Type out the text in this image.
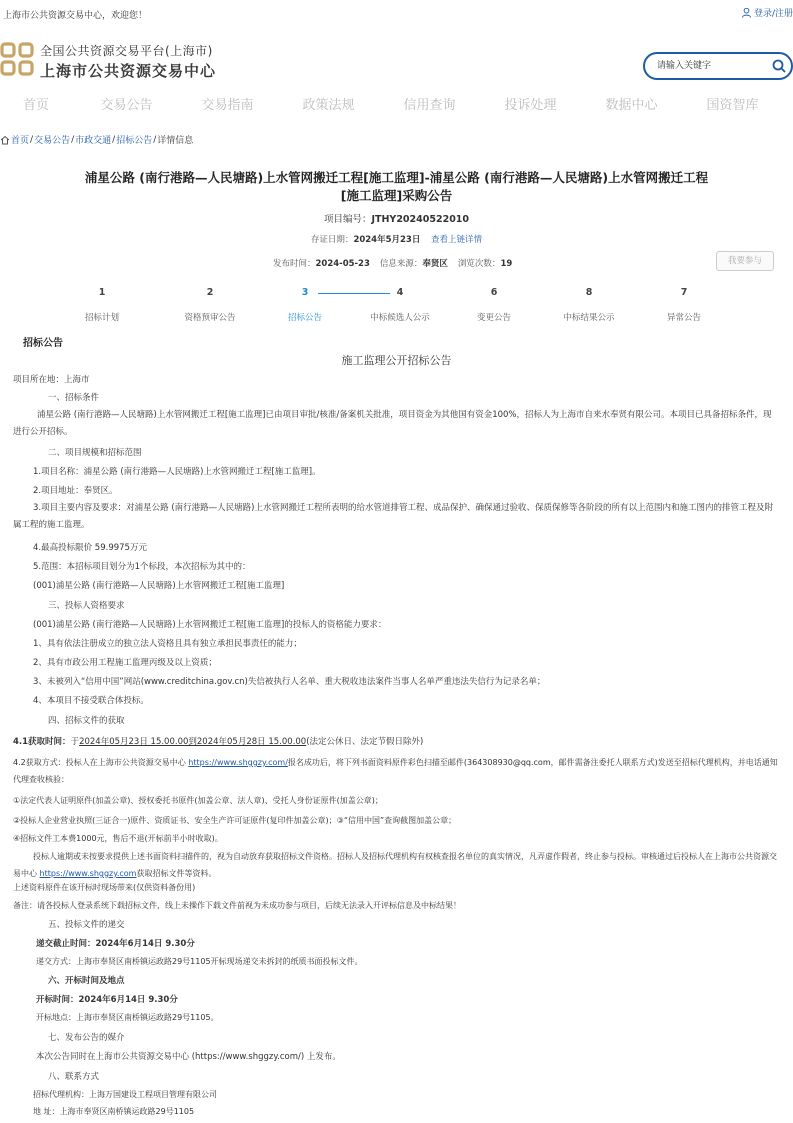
上海市公共资源交易中心，欢迎您！	登录/注册
全国公共资源交易平台(上海市)
上海市公共资源交易中心
请输入关键字
首页	交易公告	交易指南	政策法规	信用查询	投诉处理	数据中心	国资智库
首页 / 交易公告 / 市政交通 / 招标公告 / 详情信息
浦星公路 (南行港路—人民塘路)上水管网搬迁工程[施工监理]-浦星公路 (南行港路—人民塘路)上水管网搬迁工程
[施工监理]采购公告
项目编号：JTHY20240522010
存证日期：2024年5月23日 查看上链详情
发布时间：2024-05-23 信息来源：奉贤区 浏览次数：19	我要参与
1
招标计划
2
资格预审公告
3
招标公告
4
中标候选人公示
6
变更公告
8
中标结果公示
7
异常公告
招标公告
施工监理公开招标公告

项目所在地：上海市

一、招标条件

浦星公路 (南行港路—人民塘路)上水管网搬迁工程[施工监理]已由项目审批/核准/备案机关批准，项目资金为其他国有资金100%，招标人为上海市自来水奉贤有限公司。本项目已具备招标条件，现进行公开招标。

二、项目规模和招标范围

1.项目名称：浦星公路 (南行港路—人民塘路)上水管网搬迁工程[施工监理]。

2.项目地址：奉贤区。

3.项目主要内容及要求：对浦星公路 (南行港路—人民塘路)上水管网搬迁工程所表明的给水管道排管工程、成品保护、确保通过验收、保质保修等各阶段的所有以上范围内和施工图内的排管工程及附属工程的施工监理。

4.最高投标限价 59.9975万元

5.范围：本招标项目划分为1个标段，本次招标为其中的：

(001)浦星公路 (南行港路—人民塘路)上水管网搬迁工程[施工监理]

三、投标人资格要求

(001)浦星公路 (南行港路—人民塘路)上水管网搬迁工程[施工监理]的投标人的资格能力要求：

1、具有依法注册成立的独立法人资格且具有独立承担民事责任的能力；

2、具有市政公用工程施工监理丙级及以上资质；

3、未被列入“信用中国”网站(www.creditchina.gov.cn)失信被执行人名单、重大税收违法案件当事人名单严重违法失信行为记录名单；

4、本项目不接受联合体投标。

四、招标文件的获取

4.1获取时间：于2024年05月23日 15.00.00到2024年05月28日 15.00.00(法定公休日、法定节假日除外)

4.2获取方式：投标人在上海市公共资源交易中心 https://www.shggzy.com/报名成功后，将下列书面资料原件彩色扫描至邮件(364308930@qq.com，邮件需备注委托人联系方式)发送至招标代理机构，并电话通知代理查收核验：

①法定代表人证明原件(加盖公章)、授权委托书原件(加盖公章、法人章)、受托人身份证原件(加盖公章)；

②投标人企业营业执照(三证合一)原件、资质证书、安全生产许可证原件(复印件加盖公章)；③“信用中国”查询截图加盖公章；

④招标文件工本费1000元，售后不退(开标前半小时收取)。

投标人逾期或未按要求提供上述书面资料扫描件的，视为自动放弃获取招标文件资格。招标人及招标代理机构有权核查报名单位的真实情况，凡弄虚作假者，终止参与投标。审核通过后投标人在上海市公共资源交易中心 https://www.shggzy.com获取招标文件等资料。

上述资料原件在该开标时现场带来(仅供资料备份用)

备注：请各投标人登录系统下载招标文件，线上未操作下载文件前视为未成功参与项目，后续无法录入开评标信息及中标结果！

五、投标文件的递交

递交截止时间：2024年6月14日 9.30分

递交方式：上海市奉贤区南桥镇运政路29号1105开标现场递交未拆封的纸质书面投标文件。

六、开标时间及地点

开标时间：2024年6月14日 9.30分

开标地点：上海市奉贤区南桥镇运政路29号1105。

七、发布公告的媒介

本次公告同时在上海市公共资源交易中心 (https://www.shggzy.com/) 上发布。

八、联系方式

招标代理机构：上海万国建设工程项目管理有限公司

地 址：上海市奉贤区南桥镇运政路29号1105
